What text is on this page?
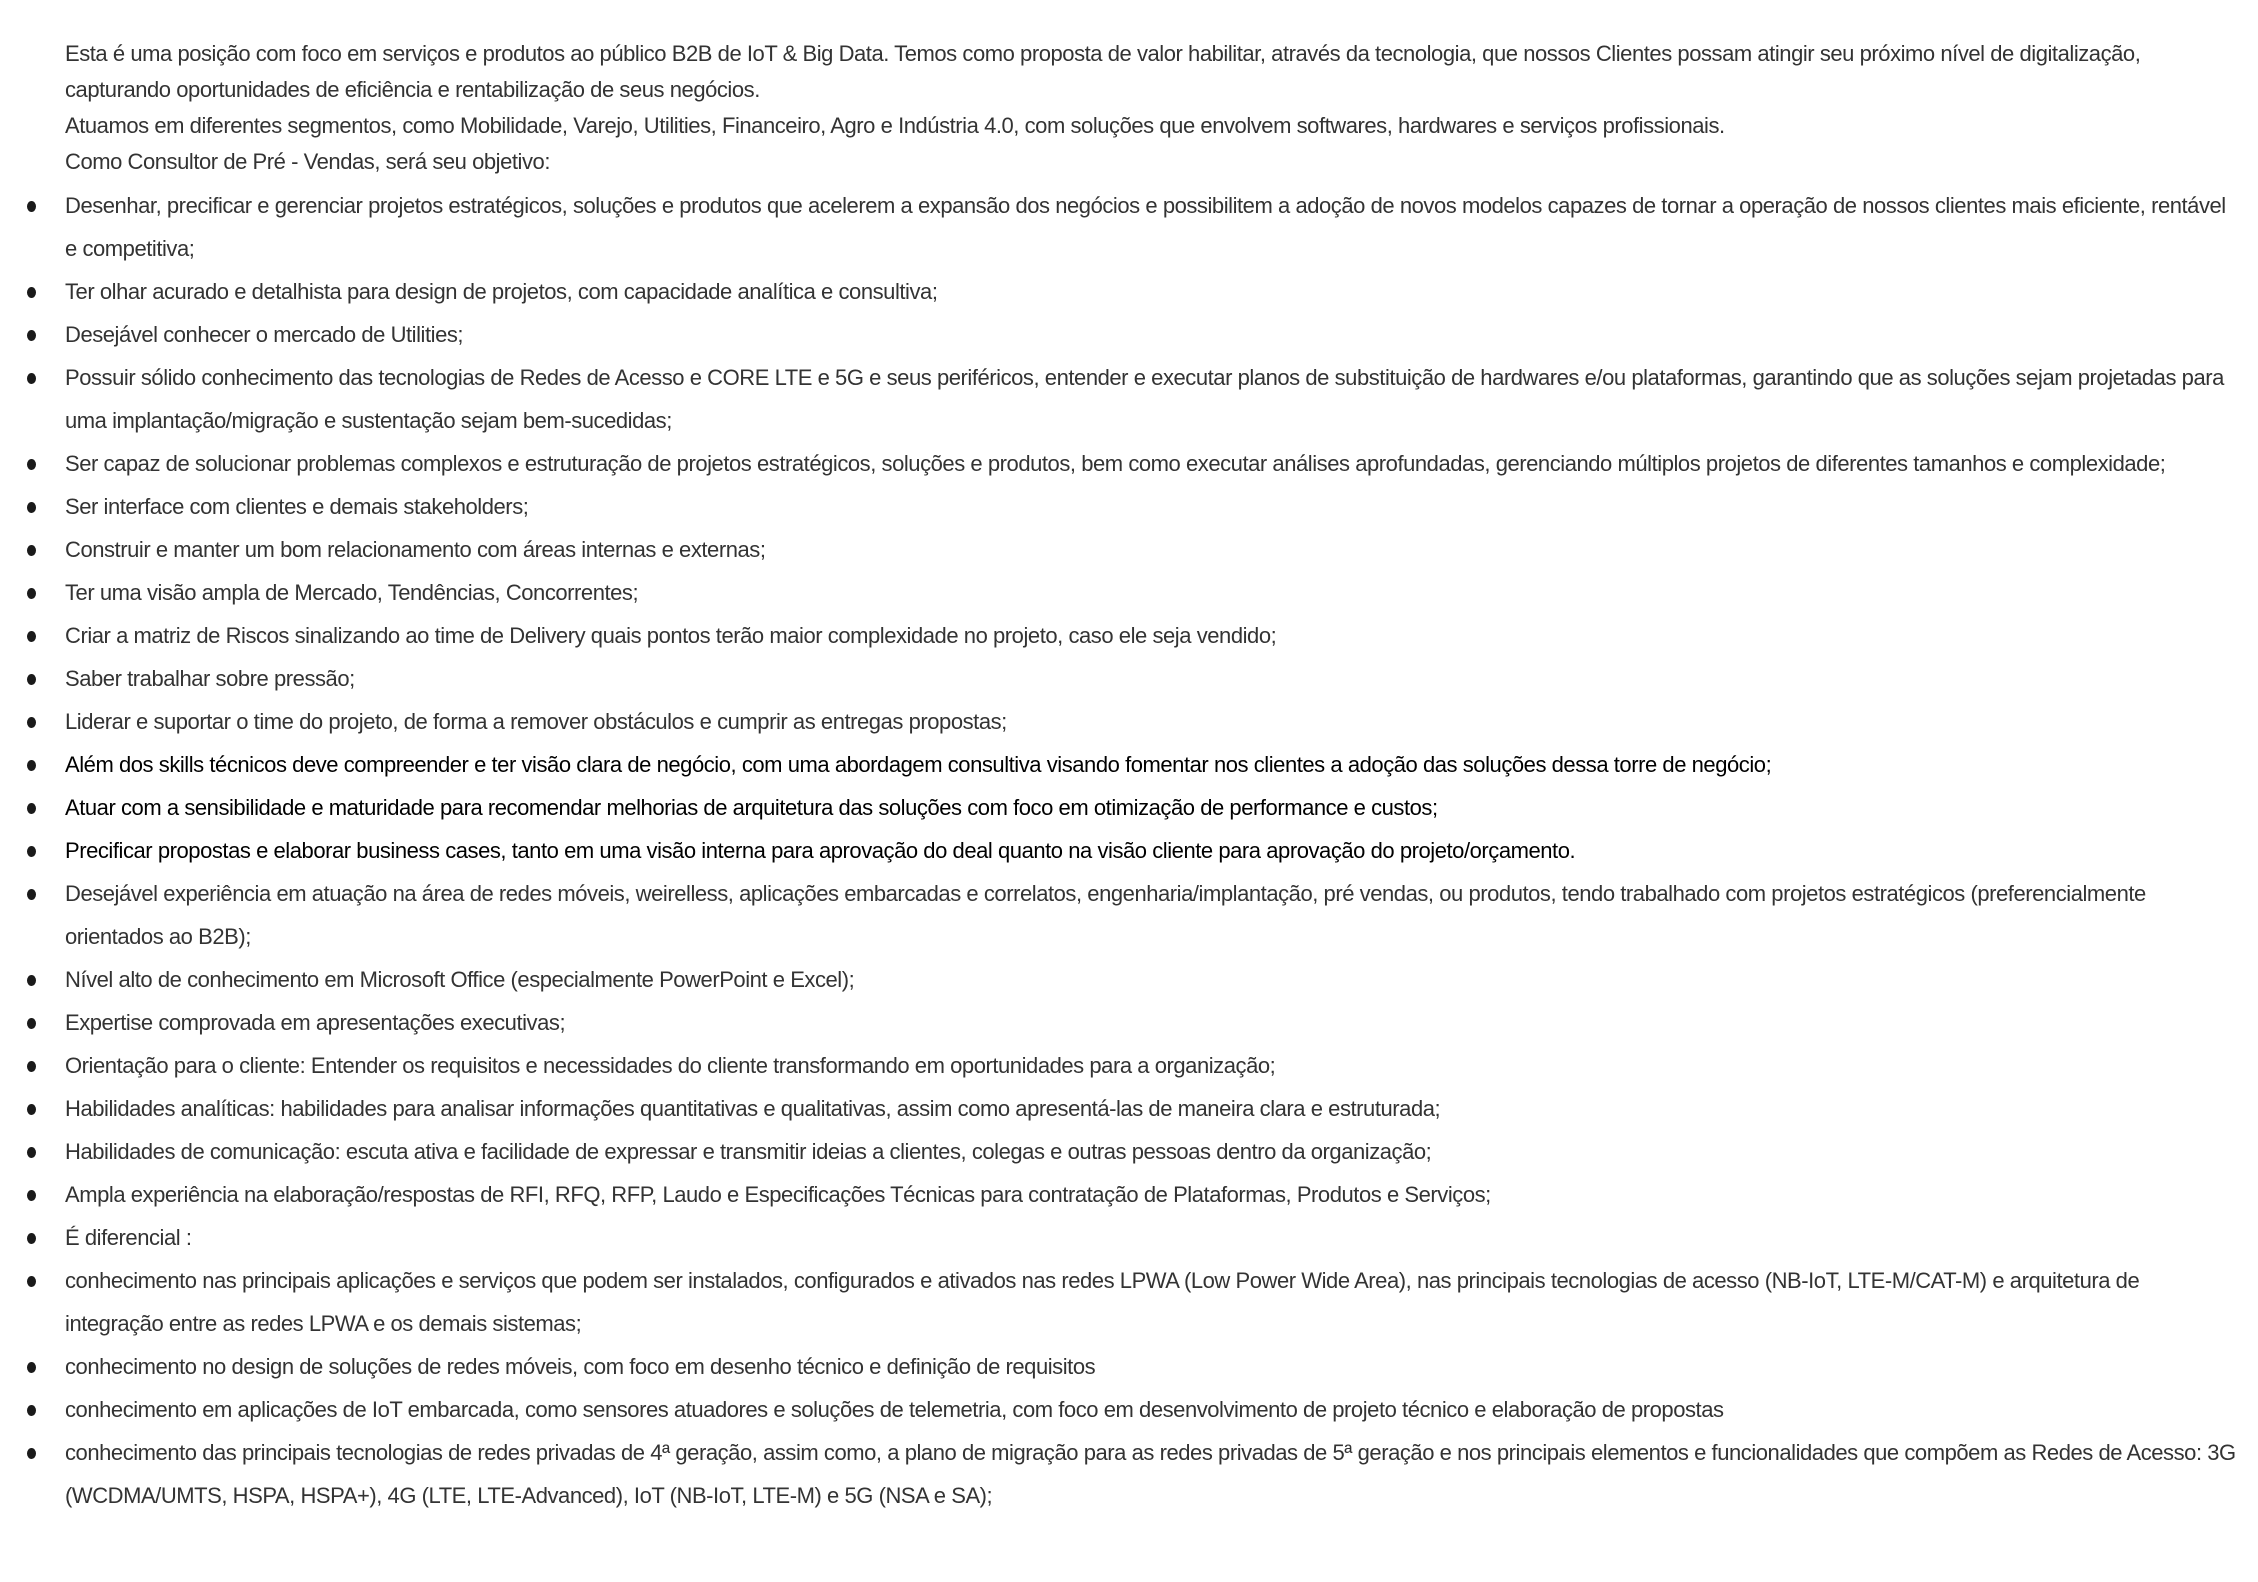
Esta é uma posição com foco em serviços e produtos ao público B2B de IoT & Big Data. Temos como proposta de valor habilitar, através da tecnologia, que nossos Clientes possam atingir seu próximo nível de digitalização, capturando oportunidades de eficiência e rentabilização de seus negócios.

Atuamos em diferentes segmentos, como Mobilidade, Varejo, Utilities, Financeiro, Agro e Indústria 4.0, com soluções que envolvem softwares, hardwares e serviços profissionais.

Como Consultor de Pré - Vendas, será seu objetivo:

Desenhar, precificar e gerenciar projetos estratégicos, soluções e produtos que acelerem a expansão dos negócios e possibilitem a adoção de novos modelos capazes de tornar a operação de nossos clientes mais eficiente, rentável e competitiva;
Ter olhar acurado e detalhista para design de projetos, com capacidade analítica e consultiva;
Desejável conhecer o mercado de Utilities;
Possuir sólido conhecimento das tecnologias de Redes de Acesso e CORE LTE e 5G e seus periféricos, entender e executar planos de substituição de hardwares e/ou plataformas, garantindo que as soluções sejam projetadas para uma implantação/migração e sustentação sejam bem-sucedidas;
Ser capaz de solucionar problemas complexos e estruturação de projetos estratégicos, soluções e produtos, bem como executar análises aprofundadas, gerenciando múltiplos projetos de diferentes tamanhos e complexidade;
Ser interface com clientes e demais stakeholders;
Construir e manter um bom relacionamento com áreas internas e externas;
Ter uma visão ampla de Mercado, Tendências, Concorrentes;
Criar a matriz de Riscos sinalizando ao time de Delivery quais pontos terão maior complexidade no projeto, caso ele seja vendido;
Saber trabalhar sobre pressão;
Liderar e suportar o time do projeto, de forma a remover obstáculos e cumprir as entregas propostas;
Além dos skills técnicos deve compreender e ter visão clara de negócio, com uma abordagem consultiva visando fomentar nos clientes a adoção das soluções dessa torre de negócio;
Atuar com a sensibilidade e maturidade para recomendar melhorias de arquitetura das soluções com foco em otimização de performance e custos;
Precificar propostas e elaborar business cases, tanto em uma visão interna para aprovação do deal quanto na visão cliente para aprovação do projeto/orçamento.
Desejável experiência em atuação na área de redes móveis, weirelless, aplicações embarcadas e correlatos, engenharia/implantação, pré vendas, ou produtos, tendo trabalhado com projetos estratégicos (preferencialmente orientados ao B2B);
Nível alto de conhecimento em Microsoft Office (especialmente PowerPoint e Excel);
Expertise comprovada em apresentações executivas;
Orientação para o cliente: Entender os requisitos e necessidades do cliente transformando em oportunidades para a organização;
Habilidades analíticas: habilidades para analisar informações quantitativas e qualitativas, assim como apresentá-las de maneira clara e estruturada;
Habilidades de comunicação: escuta ativa e facilidade de expressar e transmitir ideias a clientes, colegas e outras pessoas dentro da organização;
Ampla experiência na elaboração/respostas de RFI, RFQ, RFP, Laudo e Especificações Técnicas para contratação de Plataformas, Produtos e Serviços;
É diferencial :
conhecimento nas principais aplicações e serviços que podem ser instalados, configurados e ativados nas redes LPWA (Low Power Wide Area), nas principais tecnologias de acesso (NB-IoT, LTE-M/CAT-M) e arquitetura de integração entre as redes LPWA e os demais sistemas;
conhecimento no design de soluções de redes móveis, com foco em desenho técnico e definição de requisitos
conhecimento em aplicações de IoT embarcada, como sensores atuadores e soluções de telemetria, com foco em desenvolvimento de projeto técnico e elaboração de propostas
conhecimento das principais tecnologias de redes privadas de 4ª geração, assim como, a plano de migração para as redes privadas de 5ª geração e nos principais elementos e funcionalidades que compõem as Redes de Acesso: 3G (WCDMA/UMTS, HSPA, HSPA+), 4G (LTE, LTE-Advanced), IoT (NB-IoT, LTE-M) e 5G (NSA e SA);
